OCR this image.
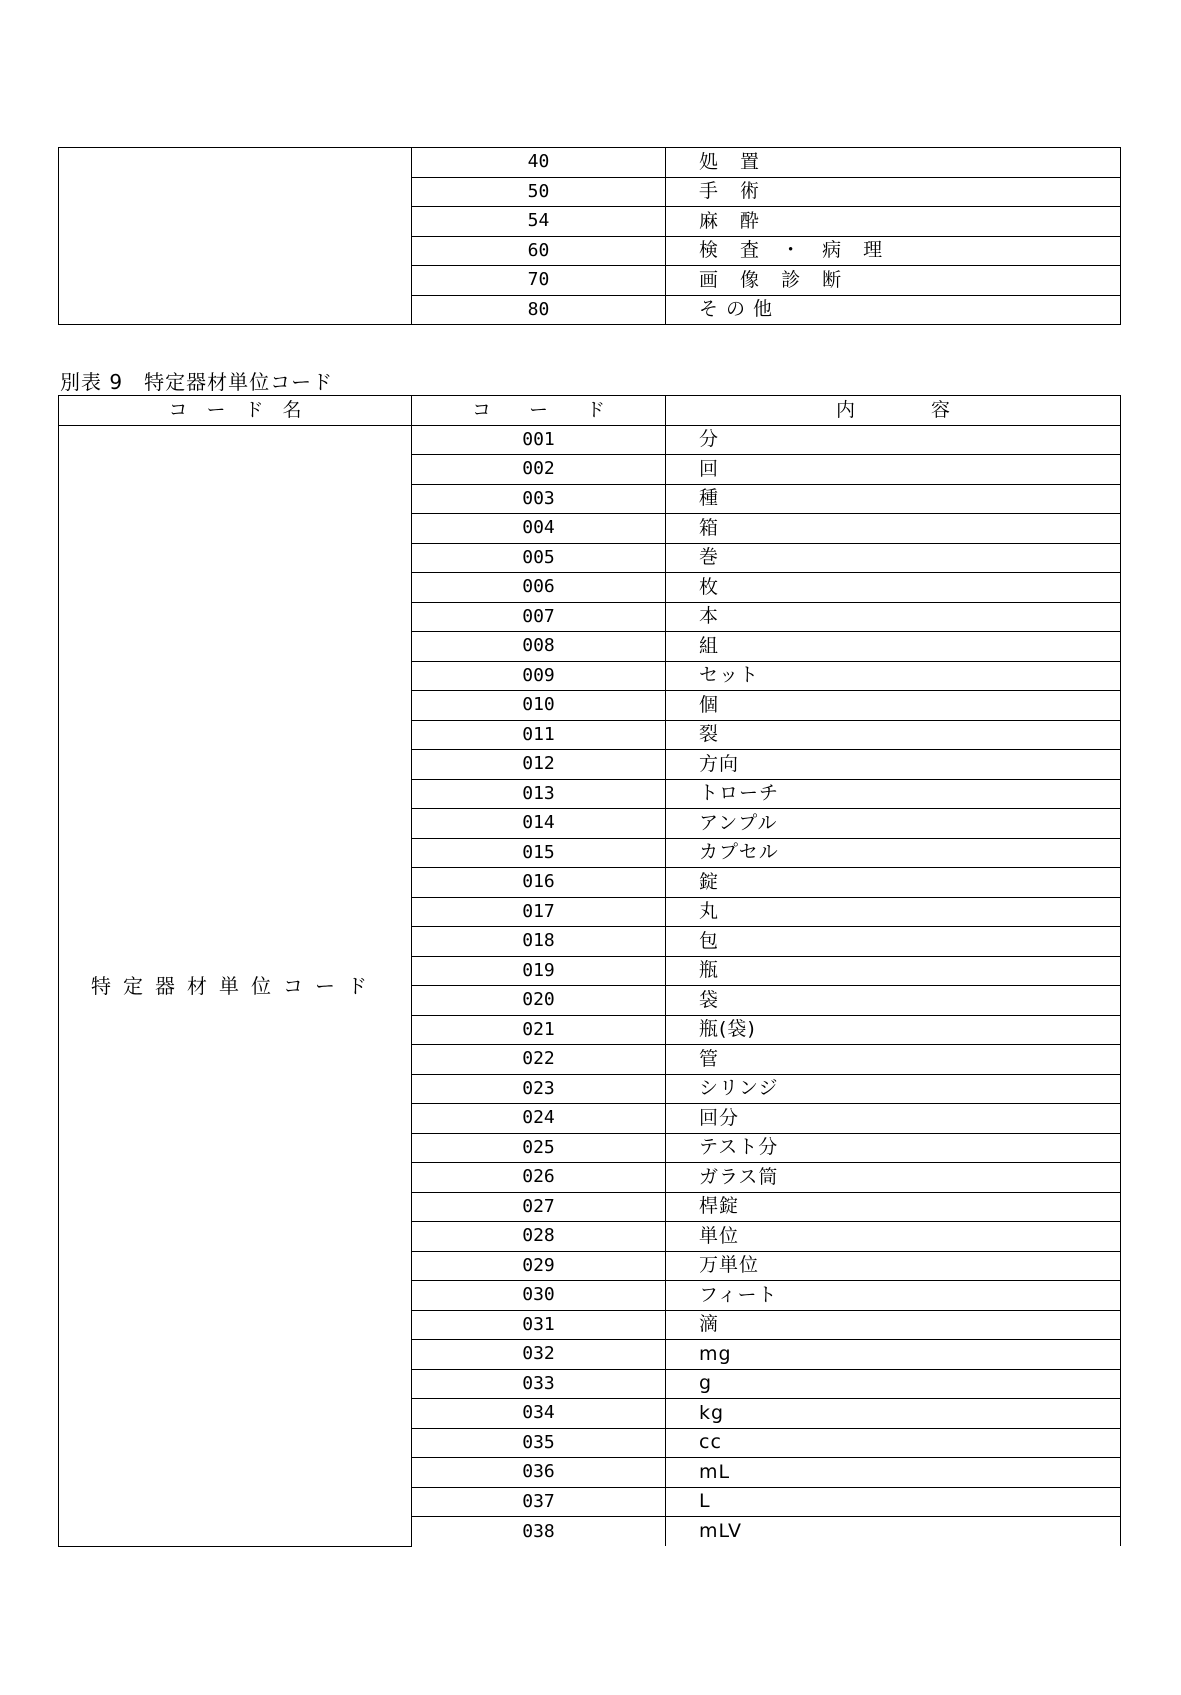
	40	処 置
	50	手 術
	54	麻 酔
	60	検 査 ・ 病 理
	70	画 像 診 断
	80	その他
別表 9　特定器材単位コード
コ　ー　ド　名	コ　　ー　　ド	内　　　　容
特定器材単位コード	001	分
	002	回
	003	種
	004	箱
	005	巻
	006	枚
	007	本
	008	組
	009	セット
	010	個
	011	裂
	012	方向
	013	トローチ
	014	アンプル
	015	カプセル
	016	錠
	017	丸
	018	包
	019	瓶
	020	袋
	021	瓶(袋)
	022	管
	023	シリンジ
	024	回分
	025	テスト分
	026	ガラス筒
	027	桿錠
	028	単位
	029	万単位
	030	フィート
	031	滴
	032	mg
	033	g
	034	kg
	035	cc
	036	mL
	037	L
	038	mLV
